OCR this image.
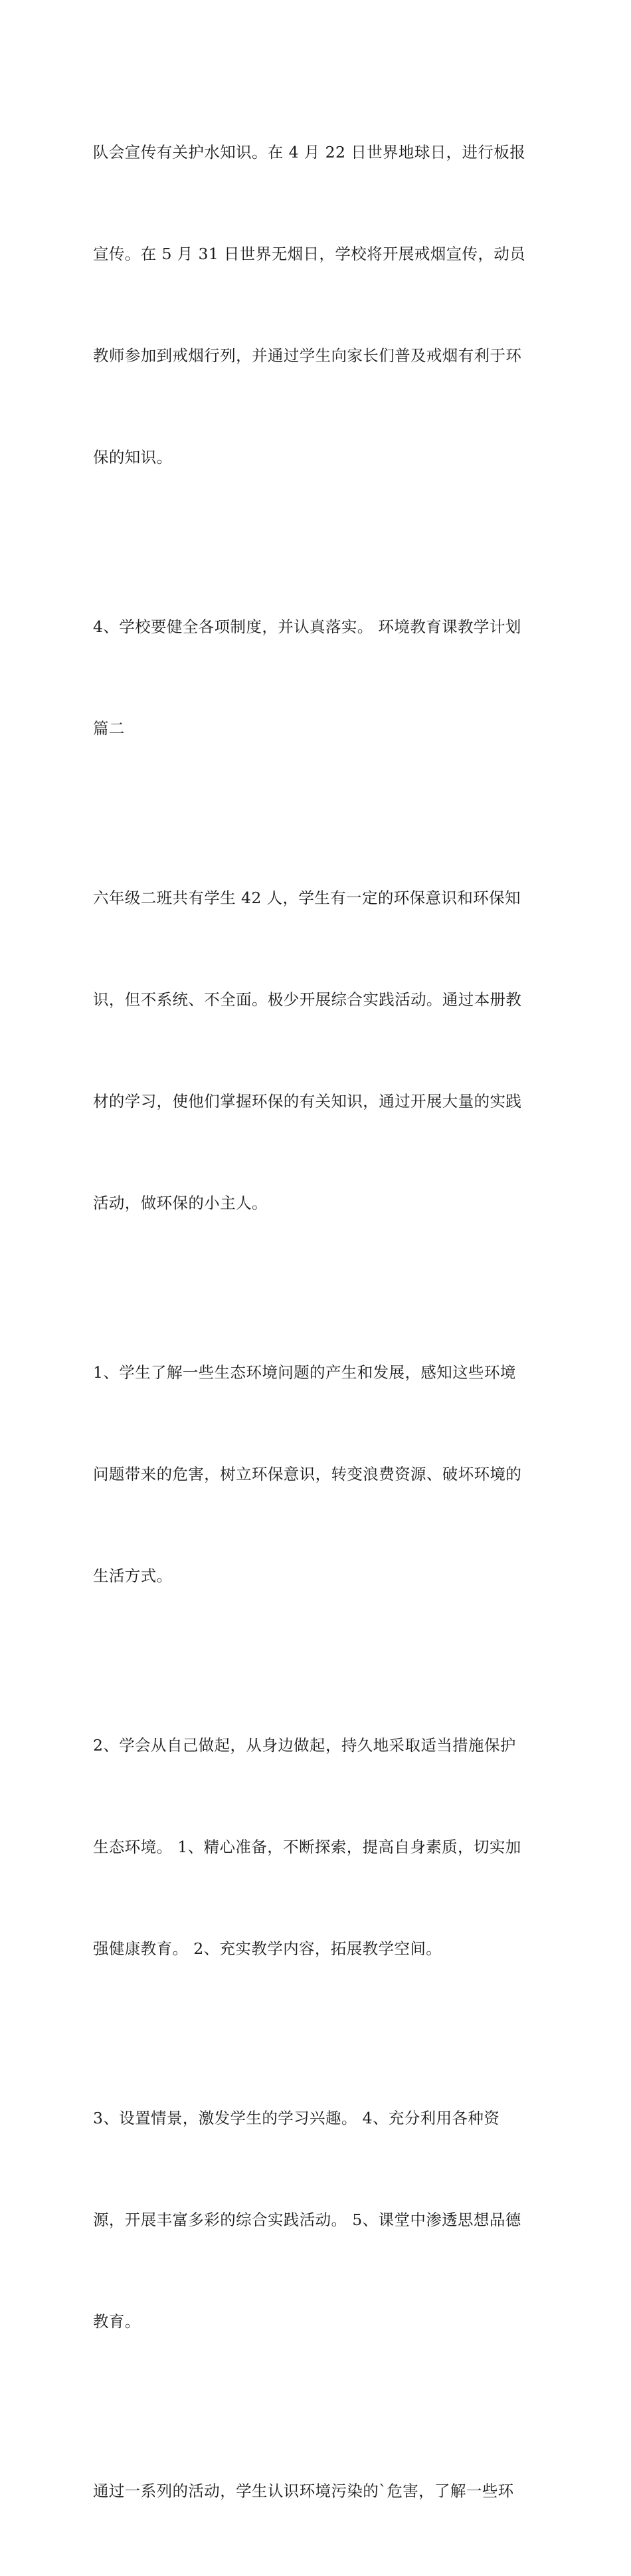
队会宣传有关护水知识。在 4 月 22 日世界地球日，进行板报

宣传。在 5 月 31 日世界无烟日，学校将开展戒烟宣传，动员

教师参加到戒烟行列，并通过学生向家长们普及戒烟有利于环

保的知识。

4、学校要健全各项制度，并认真落实。 环境教育课教学计划

篇二

六年级二班共有学生 42 人，学生有一定的环保意识和环保知

识，但不系统、不全面。极少开展综合实践活动。通过本册教

材的学习，使他们掌握环保的有关知识，通过开展大量的实践

活动，做环保的小主人。

1、学生了解一些生态环境问题的产生和发展，感知这些环境

问题带来的危害，树立环保意识，转变浪费资源、破坏环境的

生活方式。

2、学会从自己做起，从身边做起，持久地采取适当措施保护

生态环境。 1、精心准备，不断探索，提高自身素质，切实加

强健康教育。 2、充实教学内容，拓展教学空间。

3、设置情景，激发学生的学习兴趣。 4、充分利用各种资

源，开展丰富多彩的综合实践活动。 5、课堂中渗透思想品德

教育。

通过一系列的活动，学生认识环境污染的`危害，了解一些环
